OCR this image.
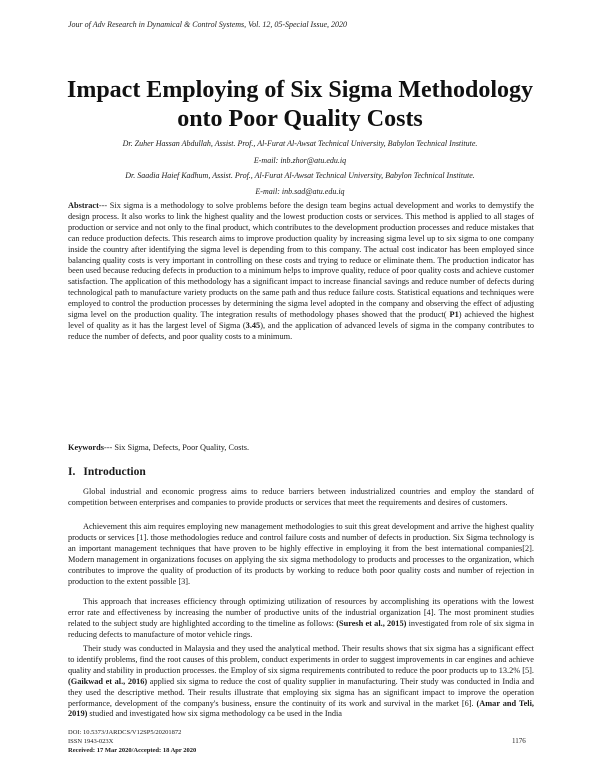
Jour of Adv Research in Dynamical & Control Systems, Vol. 12, 05-Special Issue, 2020
Impact Employing of Six Sigma Methodology
onto Poor Quality Costs
Dr. Zuher Hassan Abdullah, Assist. Prof., Al-Furat Al-Awsat Technical University, Babylon Technical Institute.
E-mail: inb.zhor@atu.edu.iq
Dr. Saadia Haief Kadhum, Assist. Prof., Al-Furat Al-Awsat Technical University, Babylon Technical Institute.
E-mail: inb.sad@atu.edu.iq
Abstract--- Six sigma is a methodology to solve problems before the design team begins actual development and works to demystify the design process. It also works to link the highest quality and the lowest production costs or services. This method is applied to all stages of production or service and not only to the final product, which contributes to the development production processes and reduce mistakes that can reduce production defects. This research aims to improve production quality by increasing sigma level up to six sigma to one company inside the country after identifying the sigma level is depending from to this company. The actual cost indicator has been employed since balancing quality costs is very important in controlling on these costs and trying to reduce or eliminate them. The production indicator has been used because reducing defects in production to a minimum helps to improve quality, reduce of poor quality costs and achieve customer satisfaction. The application of this methodology has a significant impact to increase financial savings and reduce number of defects during technological path to manufacture variety products on the same path and thus reduce failure costs. Statistical equations and techniques were employed to control the production processes by determining the sigma level adopted in the company and observing the effect of adjusting sigma level on the production quality. The integration results of methodology phases showed that the product( P1) achieved the highest level of quality as it has the largest level of Sigma (3.45), and the application of advanced levels of sigma in the company contributes to reduce the number of defects, and poor quality costs to a minimum.
Keywords--- Six Sigma, Defects, Poor Quality, Costs.
I. Introduction
Global industrial and economic progress aims to reduce barriers between industrialized countries and employ the standard of competition between enterprises and companies to provide products or services that meet the requirements and desires of customers.
Achievement this aim requires employing new management methodologies to suit this great development and arrive the highest quality products or services [1]. those methodologies reduce and control failure costs and number of defects in production. Six Sigma technology is an important management techniques that have proven to be highly effective in employing it from the best international companies[2]. Modern management in organizations focuses on applying the six sigma methodology to products and processes to the organization, which contributes to improve the quality of production of its products by working to reduce both poor quality costs and number of rejection in production to the extent possible [3].
This approach that increases efficiency through optimizing utilization of resources by accomplishing its operations with the lowest error rate and effectiveness by increasing the number of productive units of the industrial organization [4]. The most prominent studies related to the subject study are highlighted according to the timeline as follows: (Suresh et al., 2015) investigated from role of six sigma in reducing defects to manufacture of motor vehicle rings.
Their study was conducted in Malaysia and they used the analytical method. Their results shows that six sigma has a significant effect to identify problems, find the root causes of this problem, conduct experiments in order to suggest improvements in car engines and achieve quality and stability in production processes. the Employ of six sigma requirements contributed to reduce the poor products up to 13.2% [5]. (Gaikwad et al., 2016) applied six sigma to reduce the cost of quality supplier in manufacturing. Their study was conducted in India and they used the descriptive method. Their results illustrate that employing six sigma has an significant impact to improve the operation performance, development of the company's business, ensure the continuity of its work and survival in the market [6]. (Amar and Teli, 2019) studied and investigated how six sigma methodology ca be used in the India
DOI: 10.5373/JARDCS/V12SP5/20201872
ISSN 1943-023X
Received: 17 Mar 2020/Accepted: 18 Apr 2020
1176
